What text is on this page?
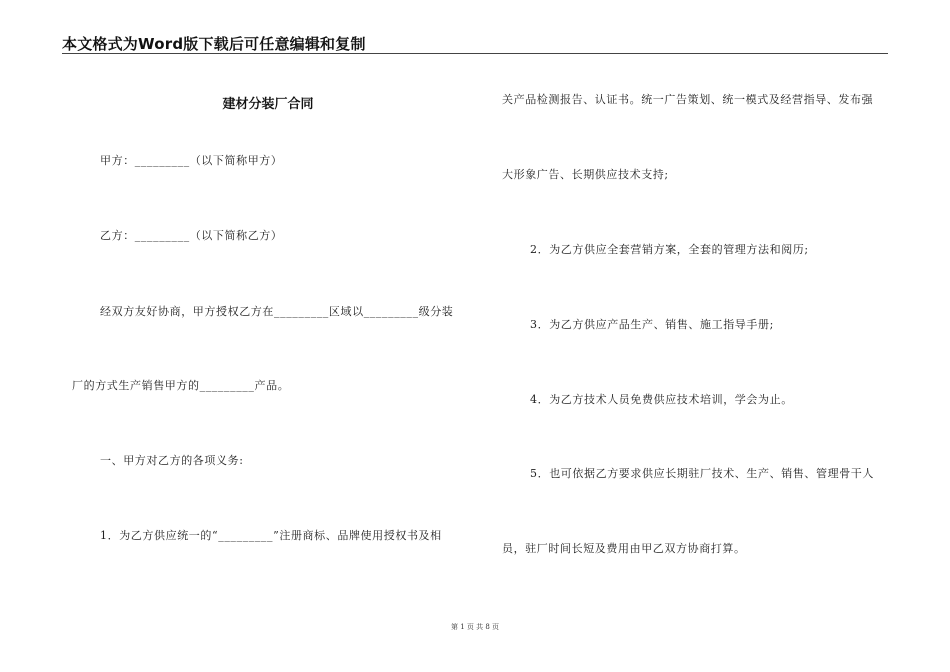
本文格式为Word版下载后可任意编辑和复制
建材分装厂合同
甲方：_________（以下简称甲方）
乙方：_________（以下简称乙方）
经双方友好协商，甲方授权乙方在_________区域以_________级分装
厂的方式生产销售甲方的_________产品。
一、甲方对乙方的各项义务:
1．为乙方供应统一的“_________”注册商标、品牌使用授权书及相
关产品检测报告、认证书。统一广告策划、统一模式及经营指导、发布强
大形象广告、长期供应技术支持;
2．为乙方供应全套营销方案，全套的管理方法和阅历;
3．为乙方供应产品生产、销售、施工指导手册;
4．为乙方技术人员免费供应技术培训，学会为止。
5．也可依据乙方要求供应长期驻厂技术、生产、销售、管理骨干人
员，驻厂时间长短及费用由甲乙双方协商打算。
第 1 页 共 8 页
